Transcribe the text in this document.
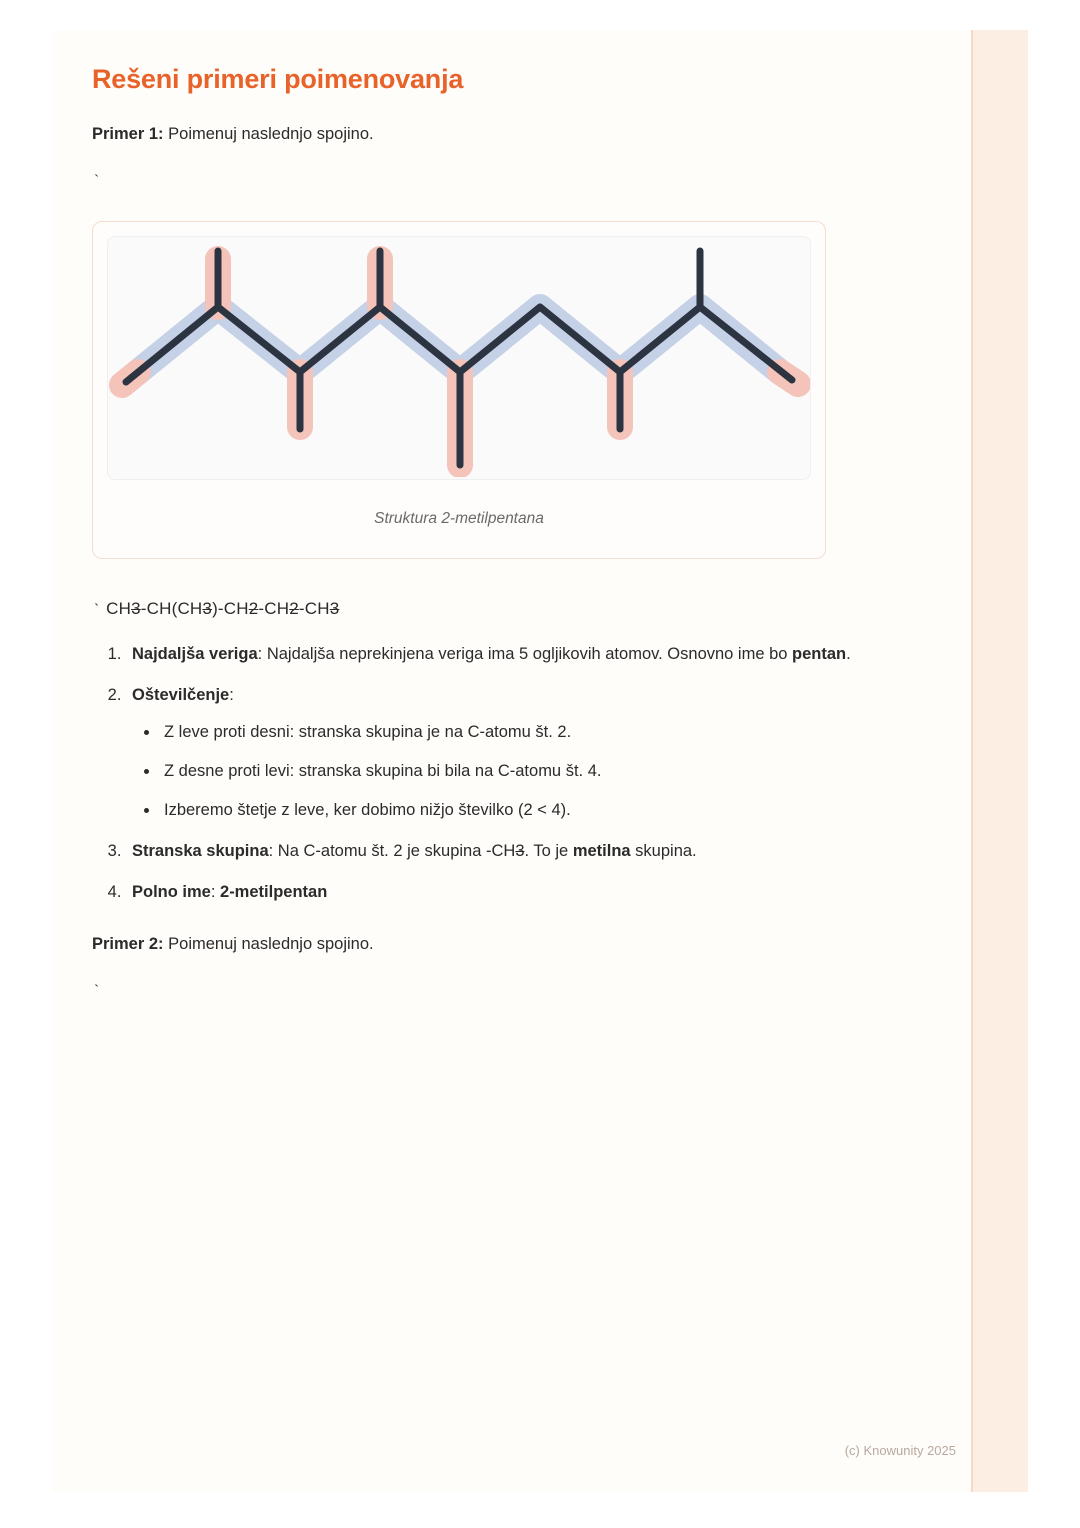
Rešeni primeri poimenovanja

Primer 1: Poimenuj naslednjo spojino.

`

Struktura 2-metilpentana

` CH3-CH(CH3)-CH2-CH2-CH3

1. Najdaljša veriga: Najdaljša neprekinjena veriga ima 5 ogljikovih atomov. Osnovno ime bo pentan.
2. Oštevilčenje:
• Z leve proti desni: stranska skupina je na C-atomu št. 2.
• Z desne proti levi: stranska skupina bi bila na C-atomu št. 4.
• Izberemo štetje z leve, ker dobimo nižjo številko (2 < 4).
3. Stranska skupina: Na C-atomu št. 2 je skupina -CH3. To je metilna skupina.
4. Polno ime: 2-metilpentan

Primer 2: Poimenuj naslednjo spojino.

`

(c) Knowunity 2025
